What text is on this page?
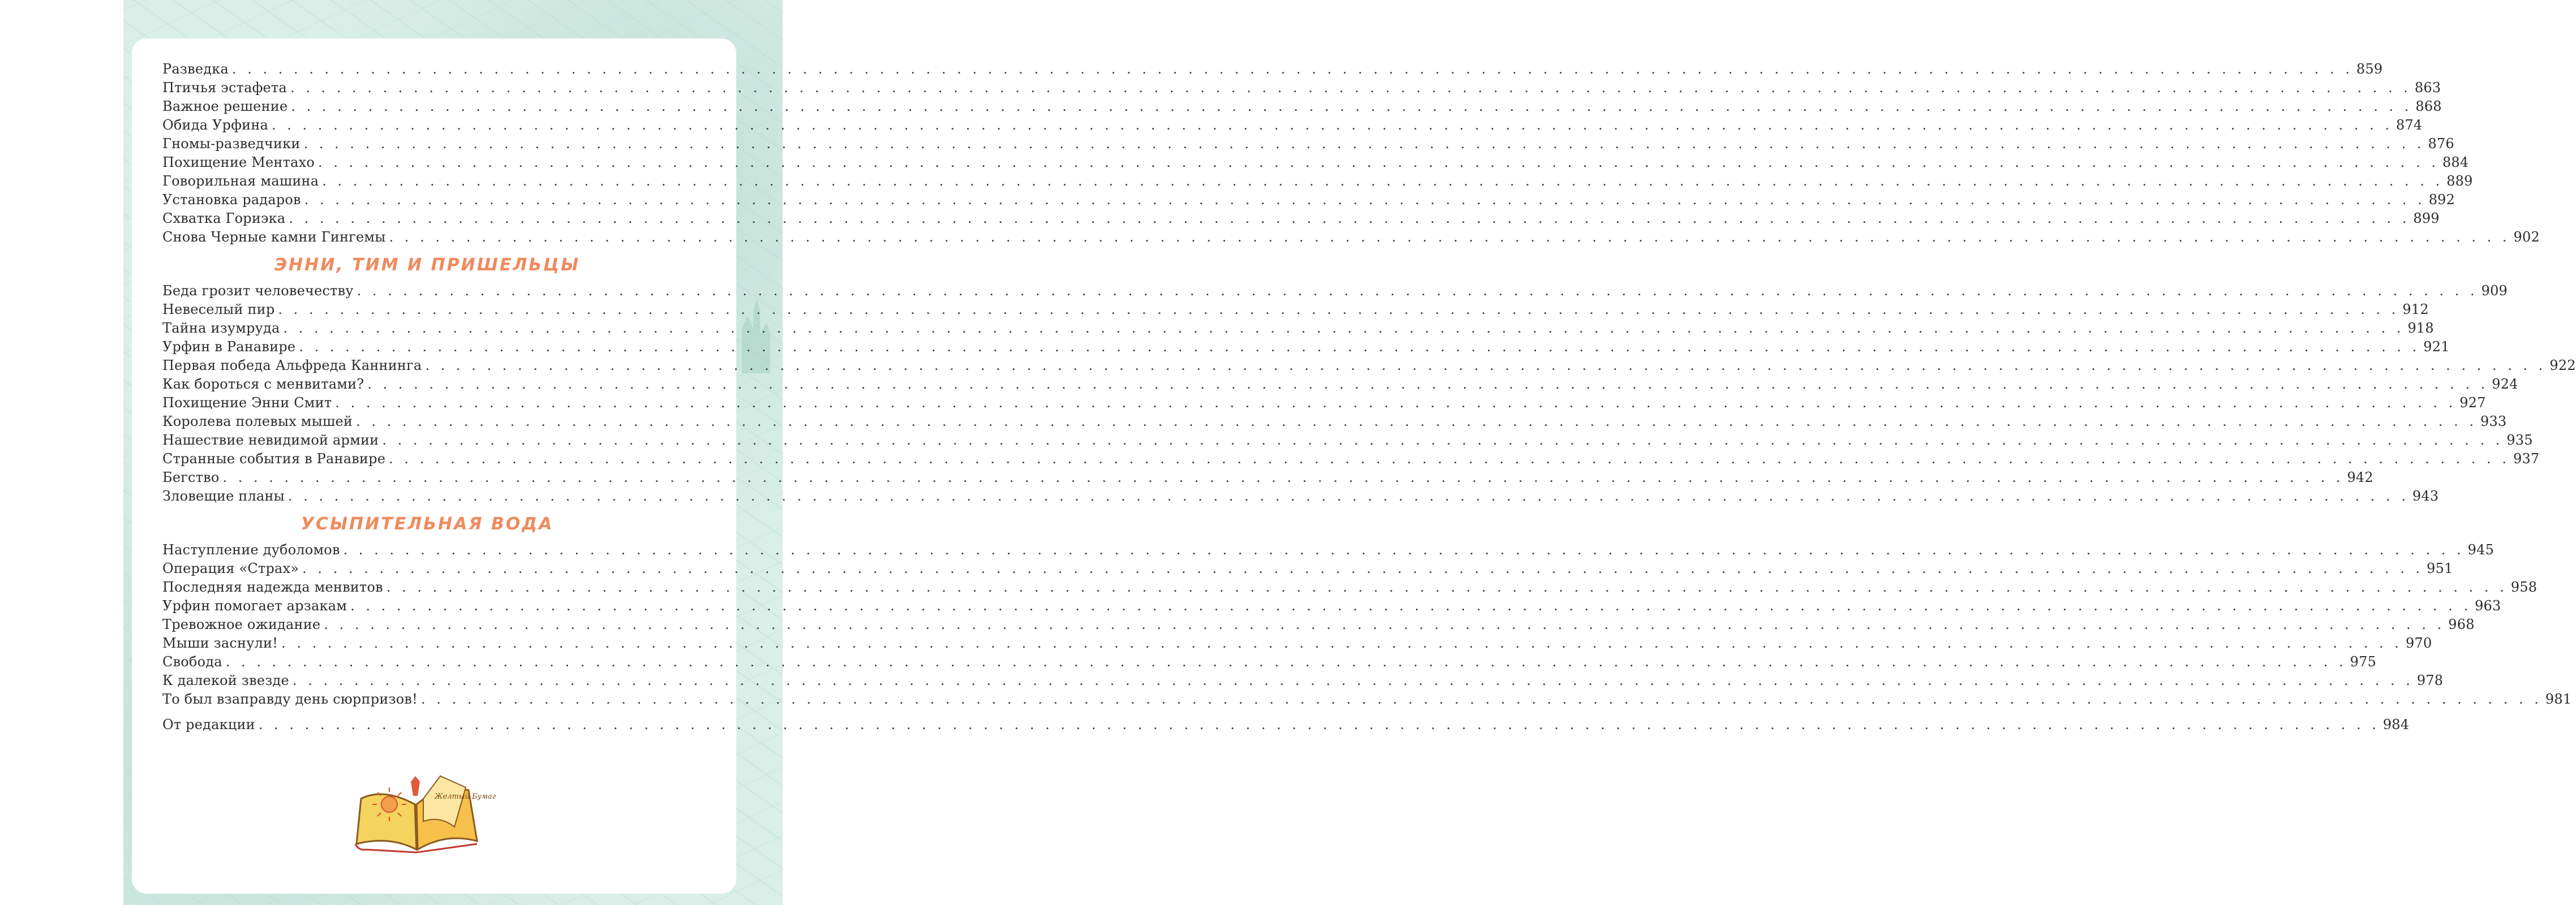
Разведка . . .	859
Птичья эстафета . . .	863
Важное решение . . .	868
Обида Урфина . . .	874
Гномы-разведчики . . .	876
Похищение Ментахо . . .	884
Говорильная машина . . .	889
Установка радаров . . .	892
Схватка Гориэка . . .	899
Снова Черные камни Гингемы . . .	902
ЭННИ, ТИМ И ПРИШЕЛЬЦЫ
Беда грозит человечеству . . .	909
Невеселый пир . . .	912
Тайна изумруда . . .	918
Урфин в Ранавире . . .	921
Первая победа Альфреда Каннинга . . .	922
Как бороться с менвитами? . . .	924
Похищение Энни Смит . . .	927
Королева полевых мышей . . .	933
Нашествие невидимой армии . . .	935
Странные события в Ранавире . . .	937
Бегство . . .	942
Зловещие планы . . .	943
УСЫПИТЕЛЬНАЯ ВОДА
Наступление дуболомов . . .	945
Операция «Страх» . . .	951
Последняя надежда менвитов . . .	958
Урфин помогает арзакам . . .	963
Тревожное ожидание . . .	968
Мыши заснули! . . .	970
Свобода . . .	975
К далекой звезде . . .	978
То был взаправду день сюрпризов! . . .	981
От редакции . . .	984
Желтый Бумаг
